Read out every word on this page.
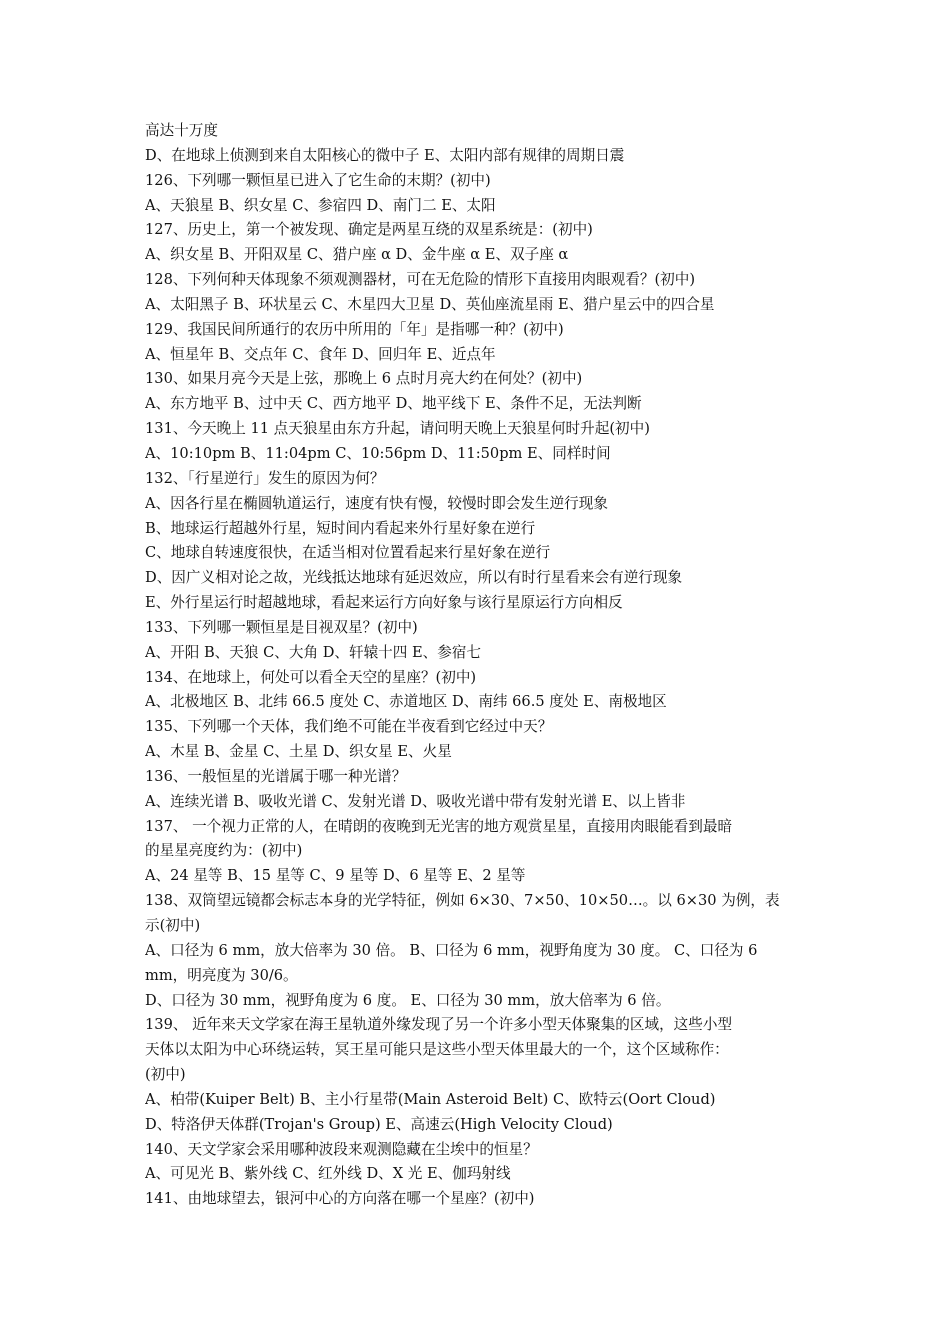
高达十万度
D、在地球上侦测到来自太阳核心的微中子 E、太阳内部有规律的周期日震
126、下列哪一颗恒星已进入了它生命的末期？(初中)
A、天狼星 B、织女星 C、参宿四 D、南门二 E、太阳
127、历史上，第一个被发现、确定是两星互绕的双星系统是：(初中)
A、织女星 B、开阳双星 C、猎户座 α D、金牛座 α E、双子座 α
128、下列何种天体现象不须观测器材，可在无危险的情形下直接用肉眼观看？(初中)
A、太阳黑子 B、环状星云 C、木星四大卫星 D、英仙座流星雨 E、猎户星云中的四合星
129、我国民间所通行的农历中所用的「年」是指哪一种？(初中)
A、恒星年 B、交点年 C、食年 D、回归年 E、近点年
130、如果月亮今天是上弦，那晚上 6 点时月亮大约在何处？(初中)
A、东方地平 B、过中天 C、西方地平 D、地平线下 E、条件不足，无法判断
131、今天晚上 11 点天狼星由东方升起，请问明天晚上天狼星何时升起(初中)
A、10:10pm B、11:04pm C、10:56pm D、11:50pm E、同样时间
132、「行星逆行」发生的原因为何？
A、因各行星在椭圆轨道运行，速度有快有慢，较慢时即会发生逆行现象
B、地球运行超越外行星，短时间内看起来外行星好象在逆行
C、地球自转速度很快，在适当相对位置看起来行星好象在逆行
D、因广义相对论之故，光线抵达地球有延迟效应，所以有时行星看来会有逆行现象
E、外行星运行时超越地球，看起来运行方向好象与该行星原运行方向相反
133、下列哪一颗恒星是目视双星？(初中)
A、开阳 B、天狼 C、大角 D、轩辕十四 E、参宿七
134、在地球上，何处可以看全天空的星座？(初中)
A、北极地区 B、北纬 66.5 度处 C、赤道地区 D、南纬 66.5 度处 E、南极地区
135、下列哪一个天体，我们绝不可能在半夜看到它经过中天？
A、木星 B、金星 C、土星 D、织女星 E、火星
136、一般恒星的光谱属于哪一种光谱？
A、连续光谱 B、吸收光谱 C、发射光谱 D、吸收光谱中带有发射光谱 E、以上皆非
137、 一个视力正常的人，在晴朗的夜晚到无光害的地方观赏星星，直接用肉眼能看到最暗
的星星亮度约为：(初中)
A、24 星等 B、15 星等 C、9 星等 D、6 星等 E、2 星等
138、双筒望远镜都会标志本身的光学特征，例如 6×30、7×50、10×50…。以 6×30 为例，表
示(初中)
A、口径为 6 mm，放大倍率为 30 倍。 B、口径为 6 mm，视野角度为 30 度。 C、口径为 6
mm，明亮度为 30/6。
D、口径为 30 mm，视野角度为 6 度。 E、口径为 30 mm，放大倍率为 6 倍。
139、 近年来天文学家在海王星轨道外缘发现了另一个许多小型天体聚集的区域，这些小型
天体以太阳为中心环绕运转，冥王星可能只是这些小型天体里最大的一个，这个区域称作：
(初中)
A、柏带(Kuiper Belt) B、主小行星带(Main Asteroid Belt) C、欧特云(Oort Cloud)
D、特洛伊天体群(Trojan's Group) E、高速云(High Velocity Cloud)
140、天文学家会采用哪种波段来观测隐藏在尘埃中的恒星？
A、可见光 B、紫外线 C、红外线 D、X 光 E、伽玛射线
141、由地球望去，银河中心的方向落在哪一个星座？(初中)
